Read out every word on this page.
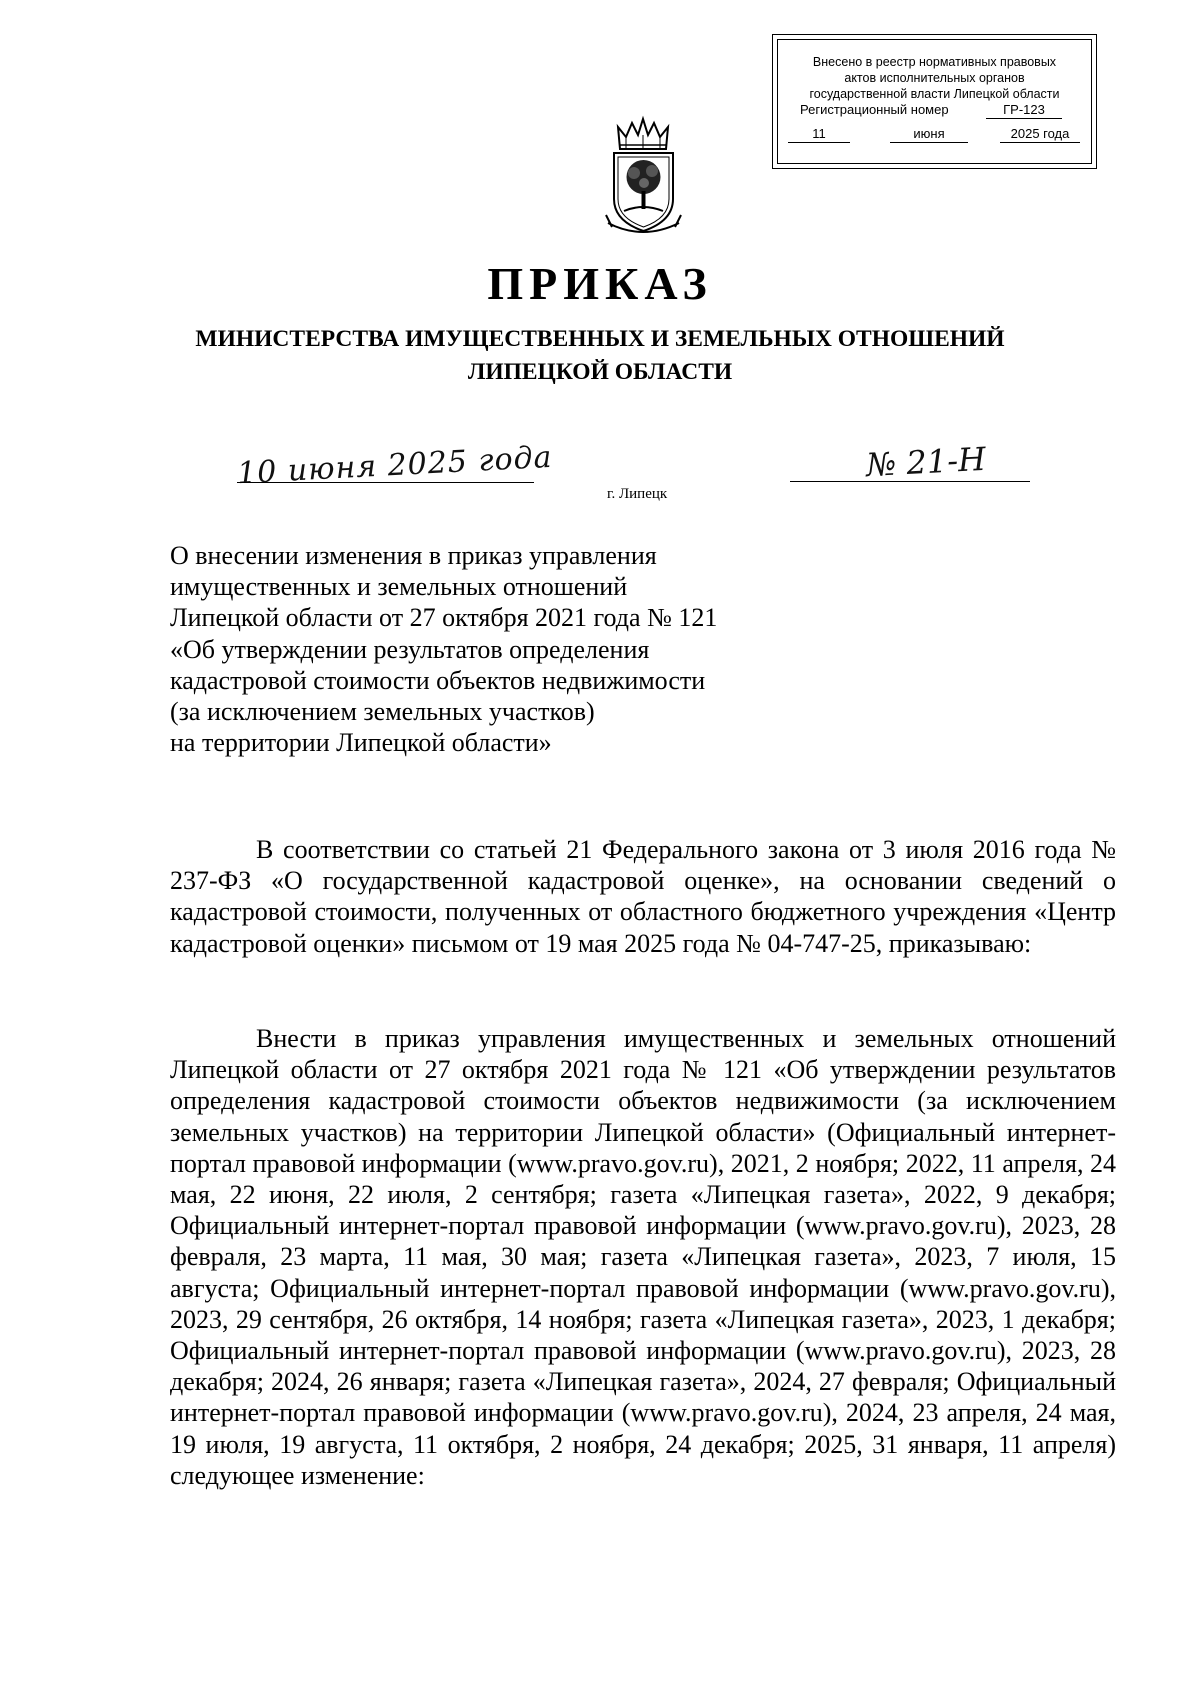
Внесено в реестр нормативных правовых
актов исполнительных органов
государственной власти Липецкой области
Регистрационный номер	ГР-123
11	июня	2025 года
ПРИКАЗ
МИНИСТЕРСТВА ИМУЩЕСТВЕННЫХ И ЗЕМЕЛЬНЫХ ОТНОШЕНИЙ
ЛИПЕЦКОЙ ОБЛАСТИ
10 июня 2025 года	№ 21-Н
г. Липецк
О внесении изменения в приказ управления
имущественных и земельных отношений
Липецкой области от 27 октября 2021 года № 121
«Об утверждении результатов определения
кадастровой стоимости объектов недвижимости
(за исключением земельных участков)
на территории Липецкой области»
В соответствии со статьей 21 Федерального закона от 3 июля 2016 года № 237-ФЗ «О государственной кадастровой оценке», на основании сведений о кадастровой стоимости, полученных от областного бюджетного учреждения «Центр кадастровой оценки» письмом от 19 мая 2025 года № 04-747-25, приказываю:
Внести в приказ управления имущественных и земельных отношений Липецкой области от 27 октября 2021 года № 121 «Об утверждении результатов определения кадастровой стоимости объектов недвижимости (за исключением земельных участков) на территории Липецкой области» (Официальный интернет-портал правовой информации (www.pravo.gov.ru), 2021, 2 ноября; 2022, 11 апреля, 24 мая, 22 июня, 22 июля, 2 сентября; газета «Липецкая газета», 2022, 9 декабря; Официальный интернет-портал правовой информации (www.pravo.gov.ru), 2023, 28 февраля, 23 марта, 11 мая, 30 мая; газета «Липецкая газета», 2023, 7 июля, 15 августа; Официальный интернет-портал правовой информации (www.pravo.gov.ru), 2023, 29 сентября, 26 октября, 14 ноября; газета «Липецкая газета», 2023, 1 декабря; Официальный интернет-портал правовой информации (www.pravo.gov.ru), 2023, 28 декабря; 2024, 26 января; газета «Липецкая газета», 2024, 27 февраля; Официальный интернет-портал правовой информации (www.pravo.gov.ru), 2024, 23 апреля, 24 мая, 19 июля, 19 августа, 11 октября, 2 ноября, 24 декабря; 2025, 31 января, 11 апреля) следующее изменение:
